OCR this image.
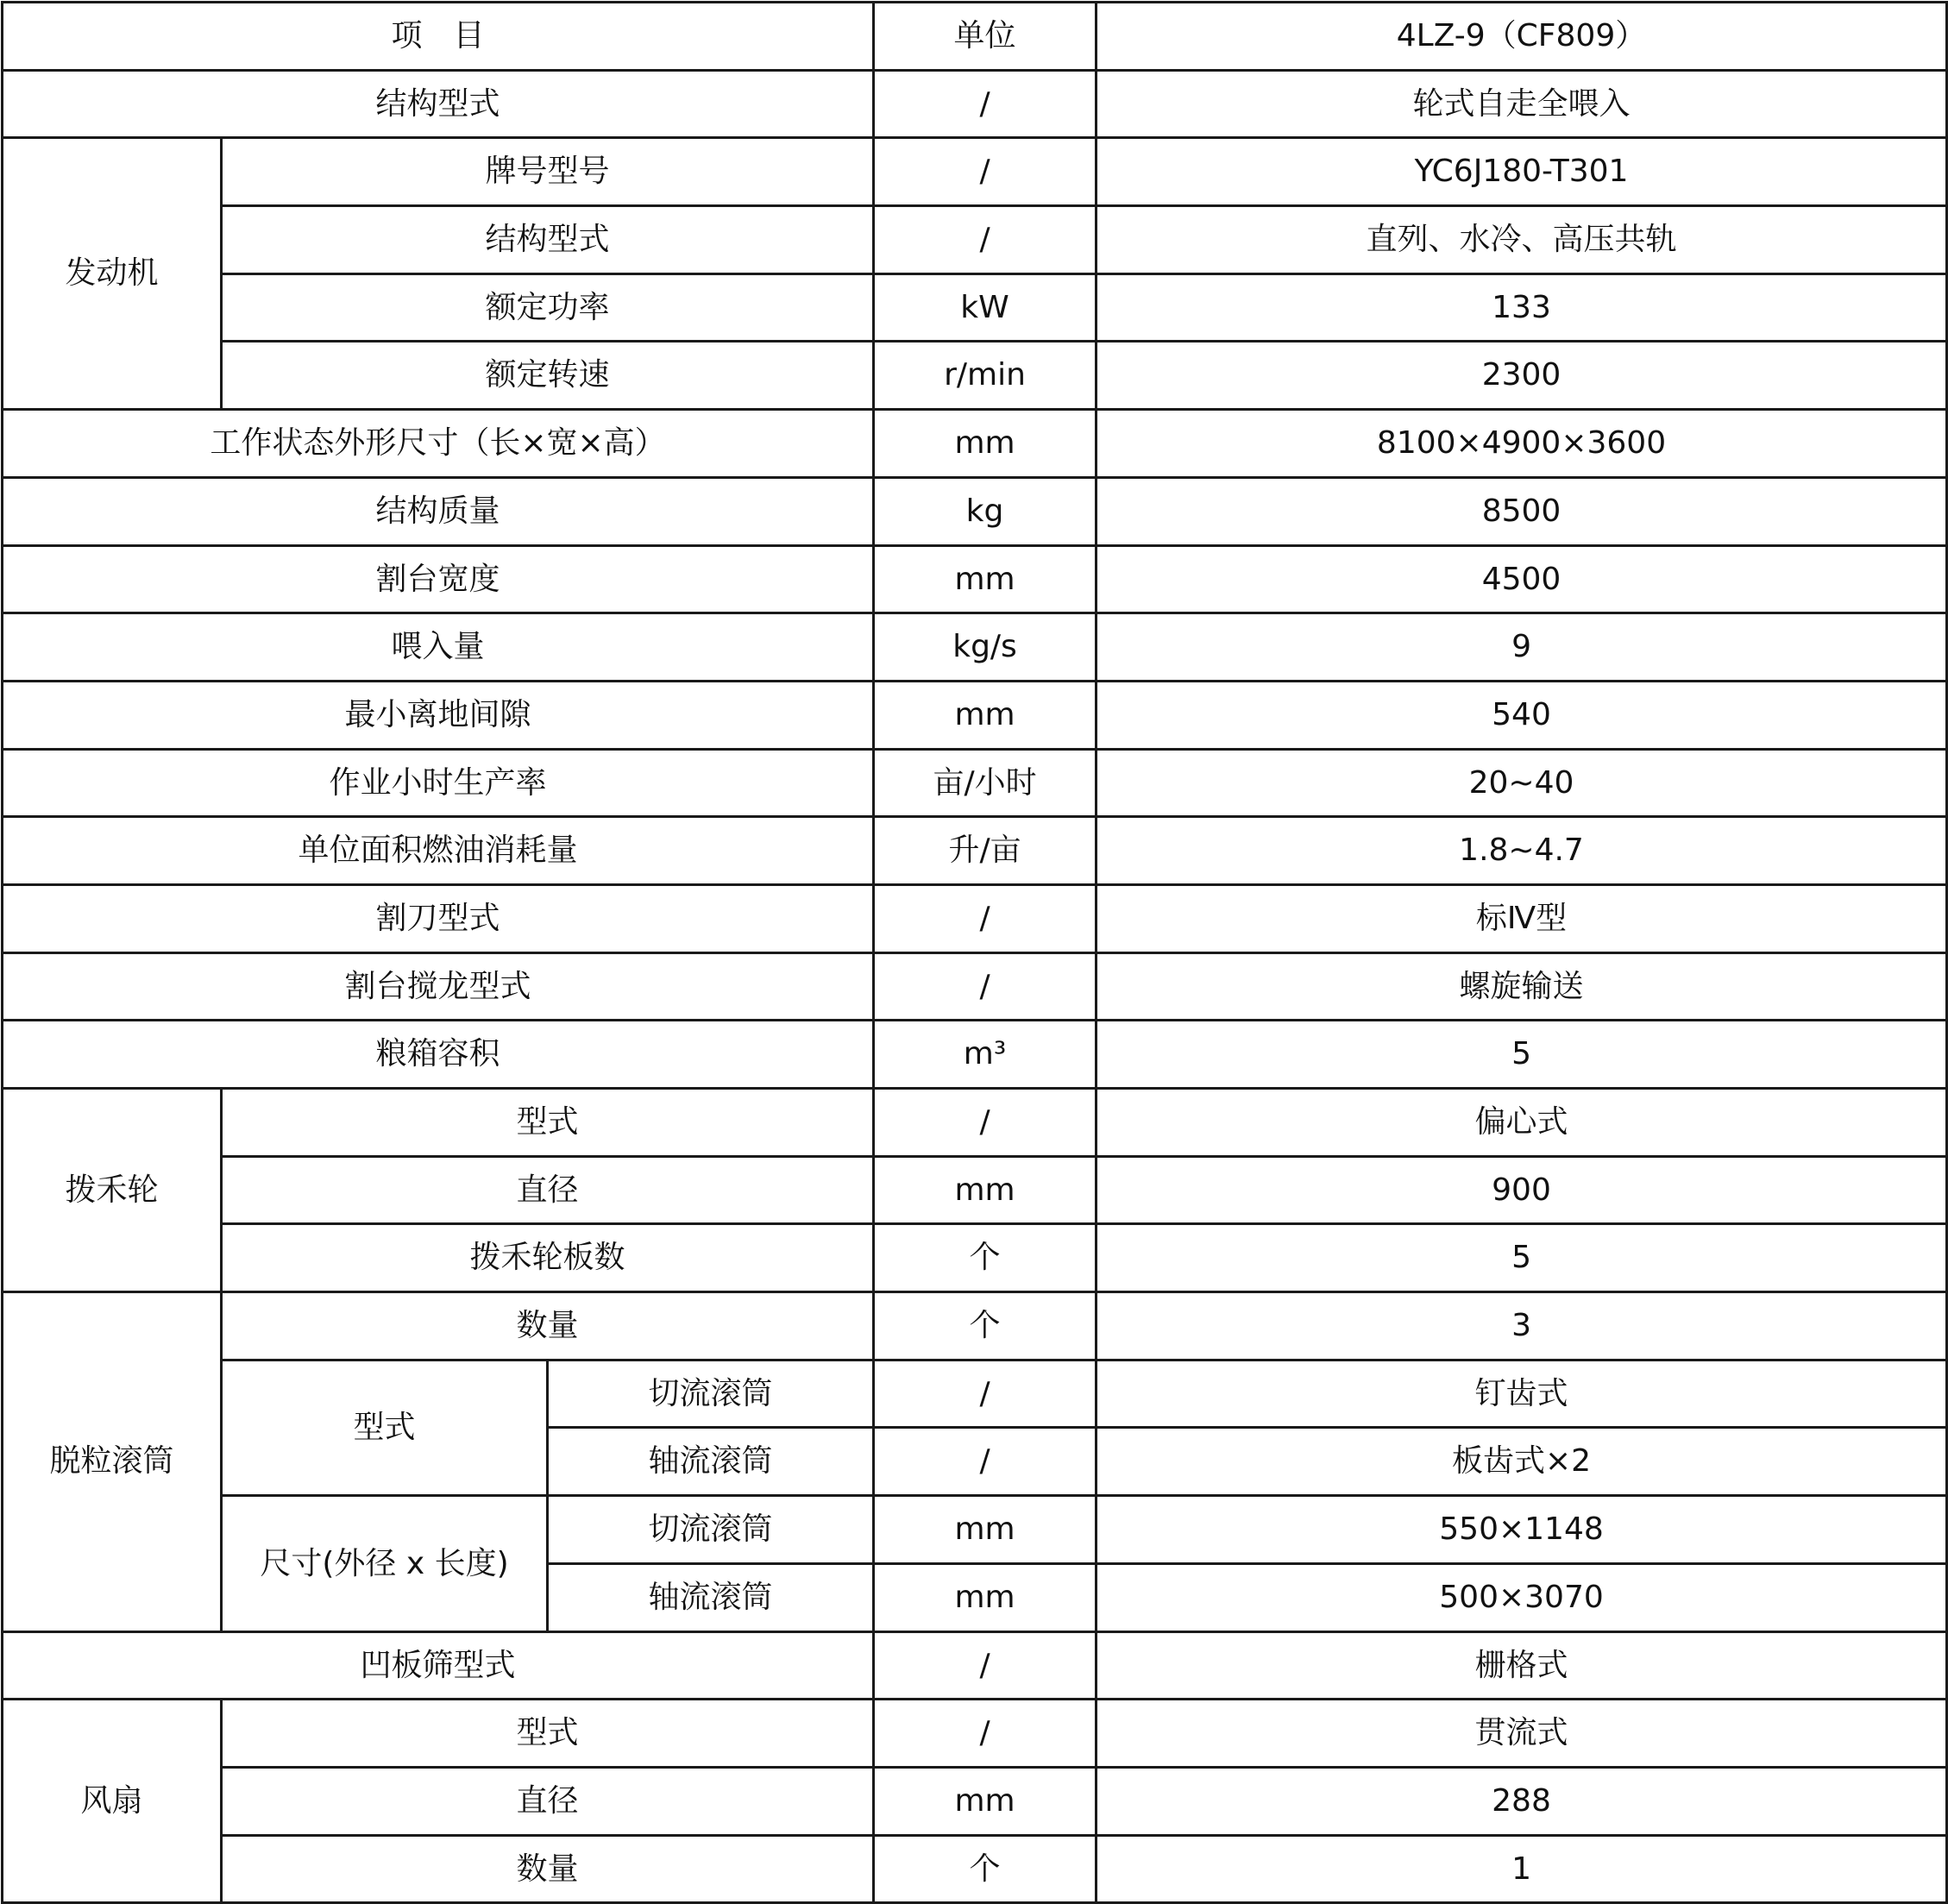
项　目			单位	4LZ-9（CF809）
结构型式			/	轮式自走全喂入
发动机	牌号型号		/	YC6J180-T301
	结构型式		/	直列、水冷、高压共轨
	额定功率		kW	133
	额定转速		r/min	2300
工作状态外形尺寸（长×宽×高）			mm	8100×4900×3600
结构质量			kg	8500
割台宽度			mm	4500
喂入量			kg/s	9
最小离地间隙			mm	540
作业小时生产率			亩/小时	20~40
单位面积燃油消耗量			升/亩	1.8~4.7
割刀型式			/	标Ⅳ型
割台搅龙型式			/	螺旋输送
粮箱容积			m³	5
拨禾轮	型式		/	偏心式
	直径		mm	900
	拨禾轮板数		个	5
脱粒滚筒	数量		个	3
	型式	切流滚筒	/	钉齿式
		轴流滚筒	/	板齿式×2
	尺寸(外径 x 长度)	切流滚筒	mm	550×1148
		轴流滚筒	mm	500×3070
凹板筛型式			/	栅格式
风扇	型式		/	贯流式
	直径		mm	288
	数量		个	1
